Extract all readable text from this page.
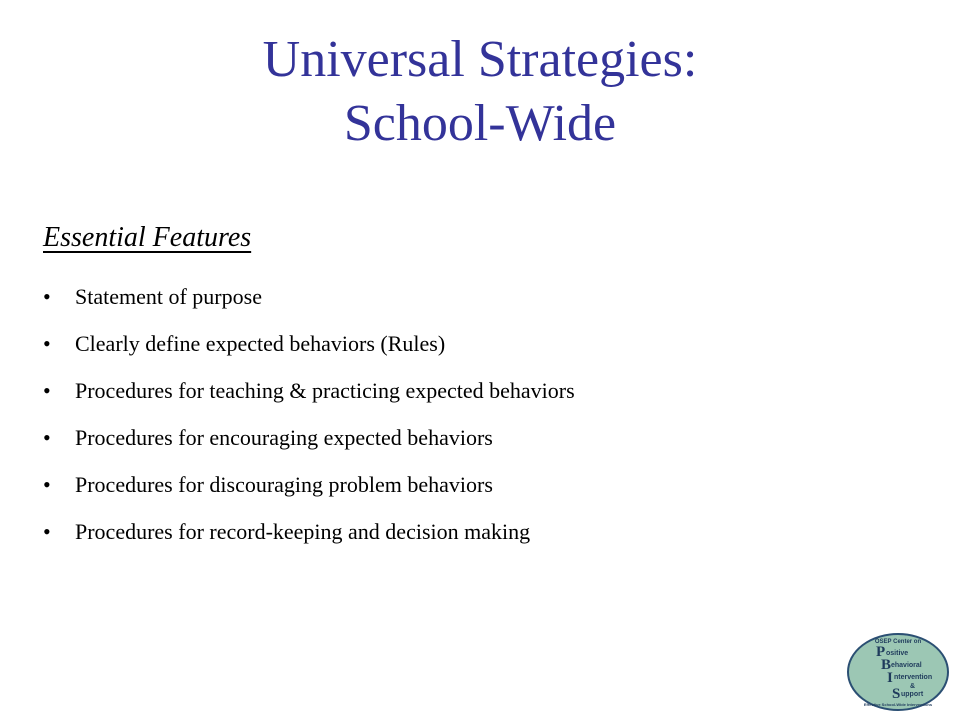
Universal Strategies:
School-Wide
Essential Features
• Statement of purpose
• Clearly define expected behaviors (Rules)
• Procedures for teaching & practicing expected behaviors
• Procedures for encouraging expected behaviors
• Procedures for discouraging problem behaviors
• Procedures for record-keeping and decision making
OSEP Center on
P ositive
B ehavioral
I ntervention
&
S upport
Effective School-Wide Interventions
